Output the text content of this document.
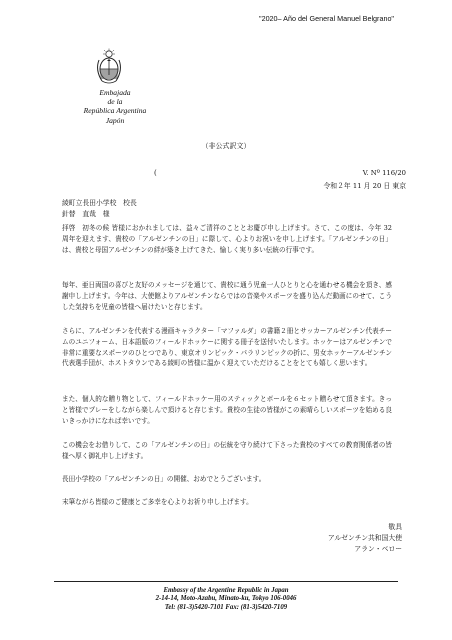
"2020– Año del General Manuel Belgrano"
Embajada
de la
República Argentina
Japón
（非公式訳文）
(	V. Nº 116/20
令和２年 11 月 20 日 東京
綾町立長田小学校　校長
針替　直哉　様

拝啓　初冬の候 皆様におかれましては、益々ご清祥のこととお慶び申し上げます。さて、この度は、今年 32 周年を迎えます、貴校の「アルゼンチンの日」に際して、心よりお祝いを申し上げます。「アルゼンチンの日」は、貴校と母国アルゼンチンの絆が築き上げてきた、愉しく実り多い伝統の行事です。

毎年、亜日両国の喜びと友好のメッセージを通じて、貴校に通う児童一人ひとりと心を通わせる機会を頂き、感謝申し上げます。今年は、大使館よりアルゼンチンならではの音楽やスポーツを盛り込んだ動画にのせて、こうした気持ちを児童の皆様へ届けたいと存じます。

さらに、アルゼンチンを代表する漫画キャラクター「マファルダ」の書籍２冊とサッカーアルゼンチン代表チームのユニフォーム、日本語版のフィールドホッケーに関する冊子を送付いたします。ホッケーはアルゼンチンで非常に重要なスポーツのひとつであり、東京オリンピック・パラリンピックの折に、男女ホッケーアルゼンチン代表選手団が、ホストタウンである綾町の皆様に温かく迎えていただけることをとても嬉しく思います。

また、個人的な贈り物として、フィールドホッケー用のスティックとボールを６セット贈らせて頂きます。きっと皆様でプレーをしながら楽しんで頂けると存じます。貴校の生徒の皆様がこの素晴らしいスポーツを始める良いきっかけになれば幸いです。

この機会をお借りして、この「アルゼンチンの日」の伝統を守り続けて下さった貴校のすべての教育関係者の皆様へ厚く御礼申し上げます。

長田小学校の「アルゼンチンの日」の開催、おめでとうございます。

末筆ながら皆様のご健康とご多幸を心よりお祈り申し上げます。

敬具
アルゼンチン共和国大使
アラン・ベロー
Embassy of the Argentine Republic in Japan
2-14-14, Moto-Azabu, Minato-ku, Tokyo 106-0046
Tel: (81-3)5420-7101 Fax: (81-3)5420-7109
